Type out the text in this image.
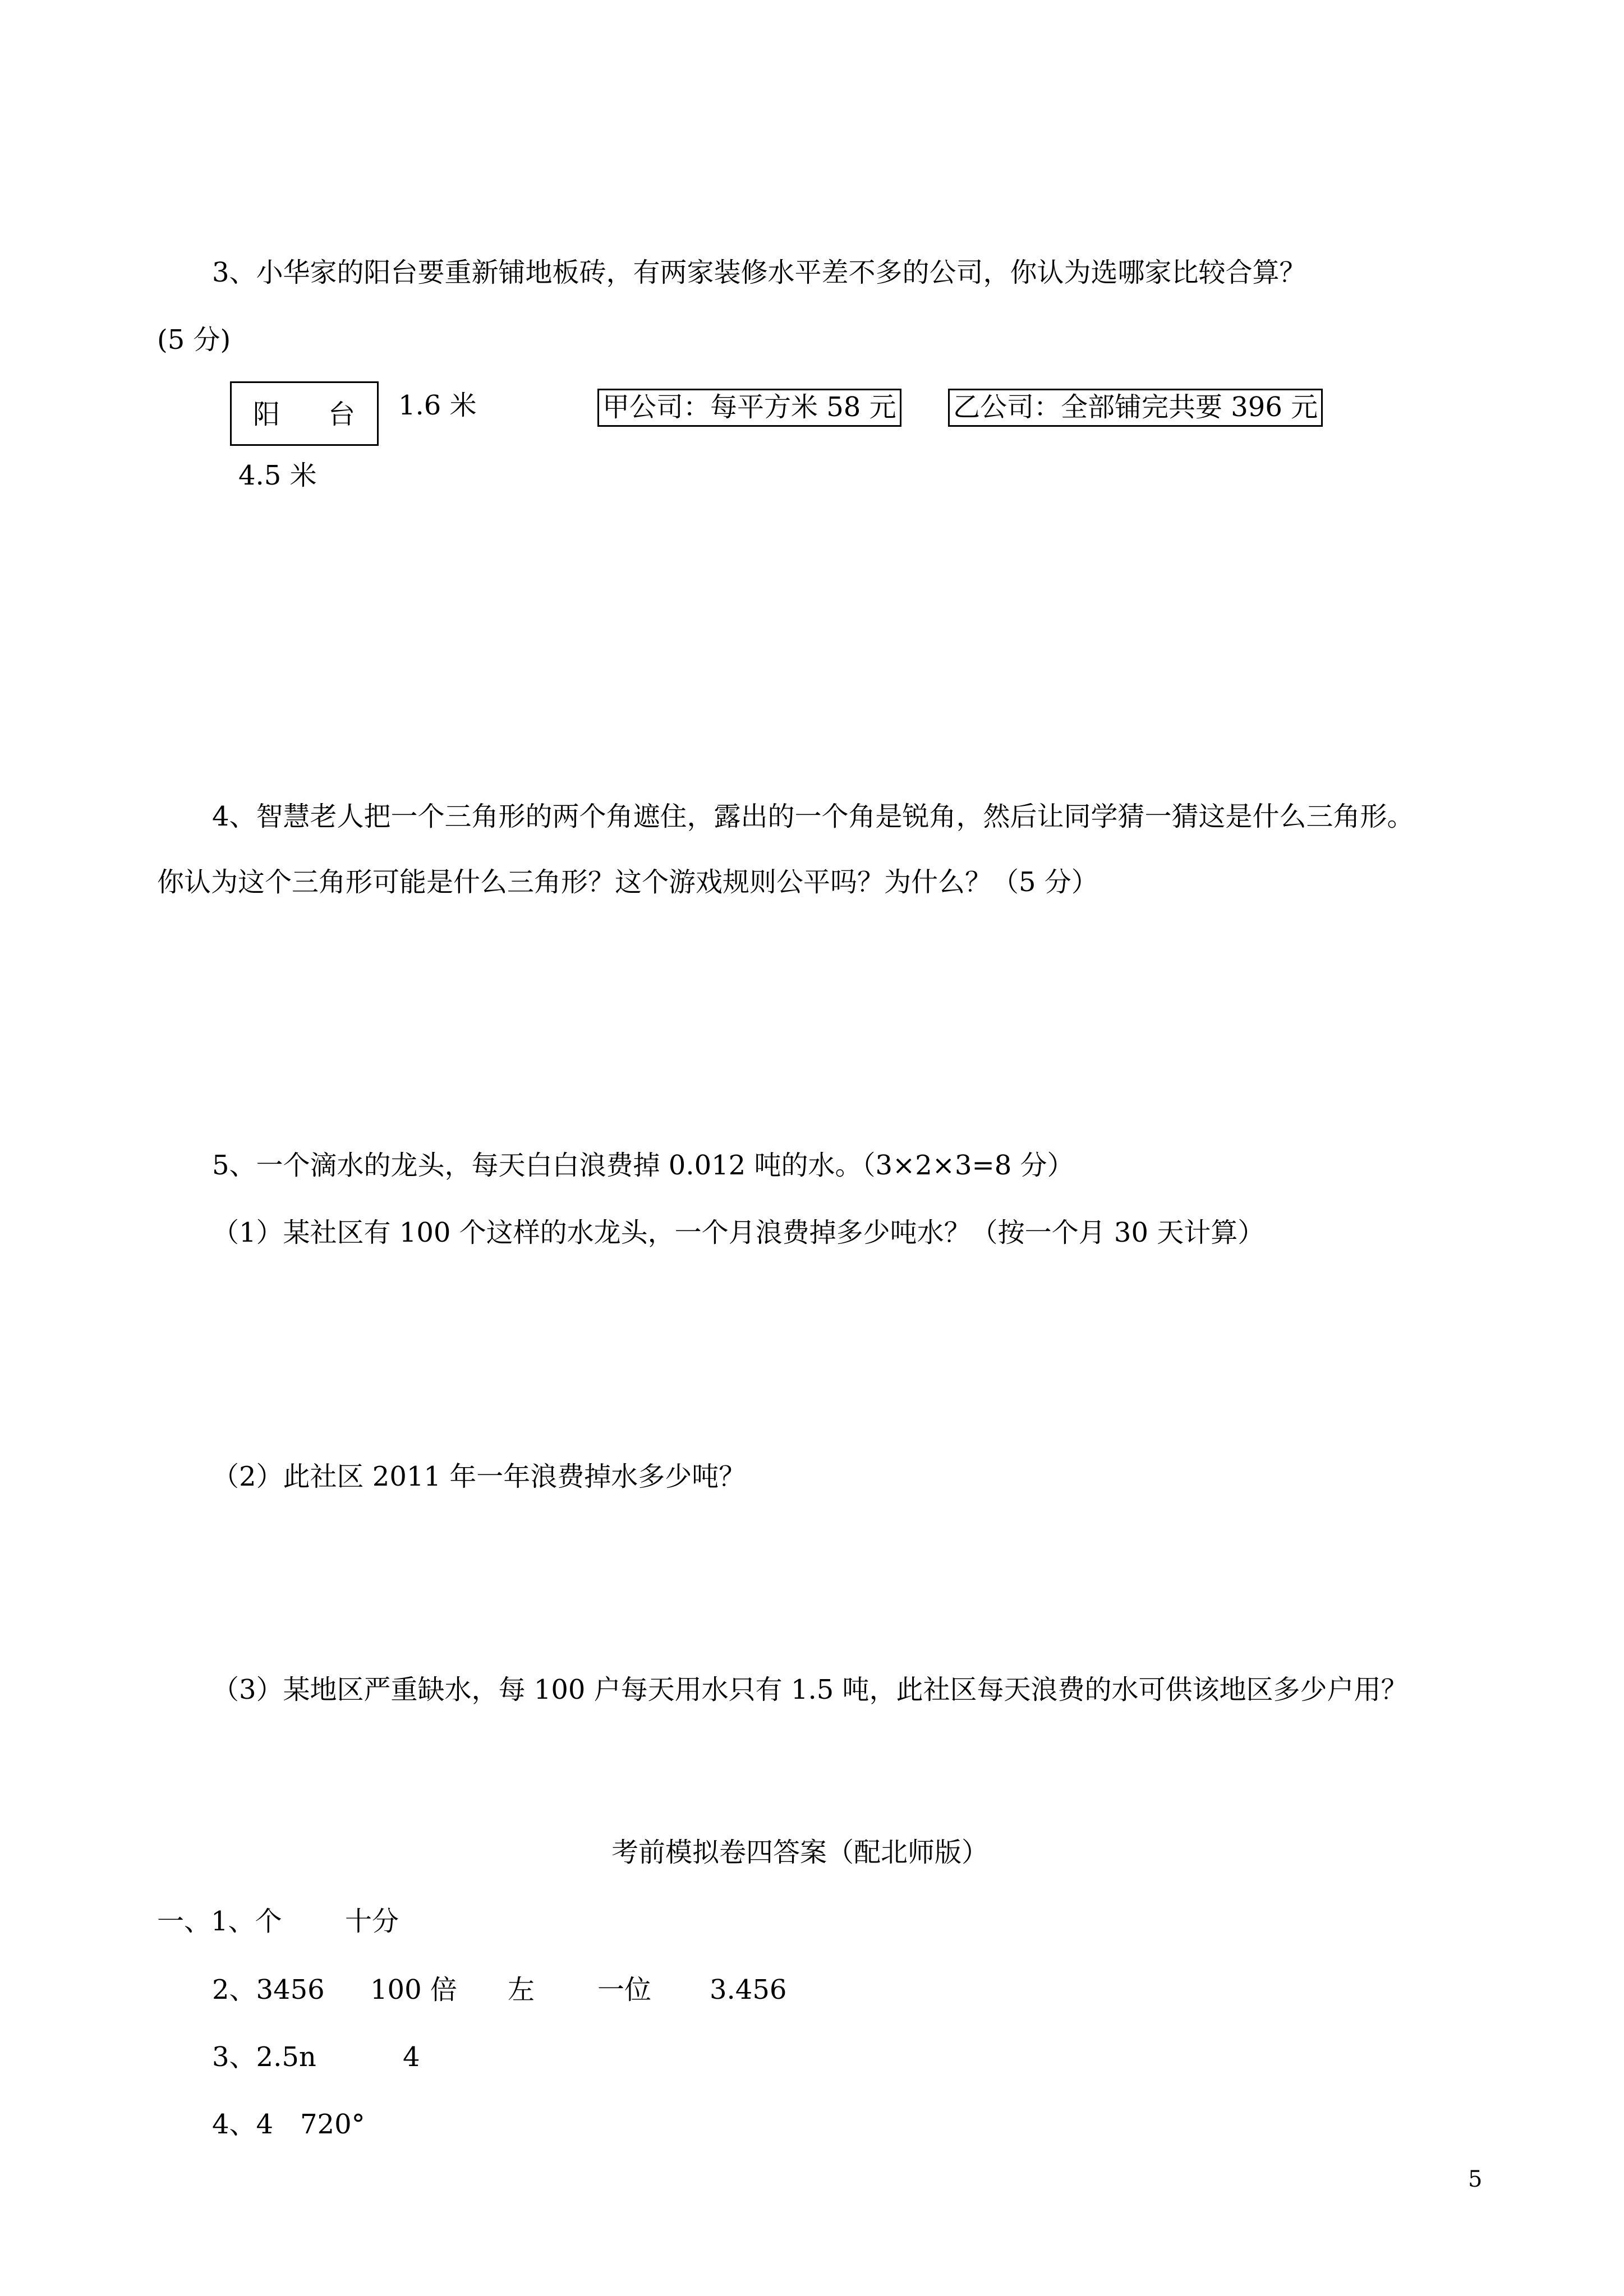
3、小华家的阳台要重新铺地板砖，有两家装修水平差不多的公司，你认为选哪家比较合算？
(5 分)
阳 台 1.6 米
4.5 米
甲公司：每平方米 58 元 乙公司：全部铺完共要 396 元
4、智慧老人把一个三角形的两个角遮住，露出的一个角是锐角，然后让同学猜一猜这是什么三角形。
你认为这个三角形可能是什么三角形？这个游戏规则公平吗？为什么？（5 分）
5、一个滴水的龙头，每天白白浪费掉 0.012 吨的水。（3×2×3=8 分）
（1）某社区有 100 个这样的水龙头，一个月浪费掉多少吨水？（按一个月 30 天计算）
（2）此社区 2011 年一年浪费掉水多少吨？
（3）某地区严重缺水，每 100 户每天用水只有 1.5 吨，此社区每天浪费的水可供该地区多少户用？
考前模拟卷四答案（配北师版）
一、1、个 十分
2、3456 100 倍 左 一位 3.456
3、2.5n	4
4、4 720°
5
